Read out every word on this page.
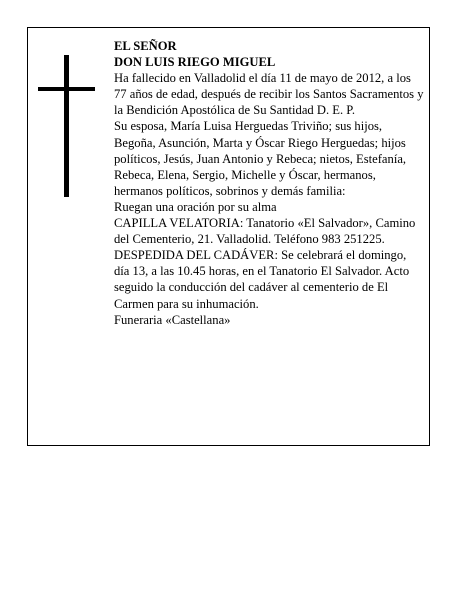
EL SEÑOR

DON LUIS RIEGO MIGUEL

Ha fallecido en Valladolid el día 11 de mayo de 2012, a los 77 años de edad, después de recibir los Santos Sacramentos y la Bendición Apostólica de Su Santidad D. E. P.

Su esposa, María Luisa Herguedas Triviño; sus hijos, Begoña, Asunción, Marta y Óscar Riego Herguedas; hijos políticos, Jesús, Juan Antonio y Rebeca; nietos, Estefanía, Rebeca, Elena, Sergio, Michelle y Óscar, hermanos, hermanos políticos, sobrinos y demás familia:

Ruegan una oración por su alma

CAPILLA VELATORIA: Tanatorio «El Salvador», Camino del Cementerio, 21. Valladolid. Teléfono 983 251225.

DESPEDIDA DEL CADÁVER: Se celebrará el domingo, día 13, a las 10.45 horas, en el Tanatorio El Salvador. Acto seguido la conducción del cadáver al cementerio de El Carmen para su inhumación.

Funeraria «Castellana»
